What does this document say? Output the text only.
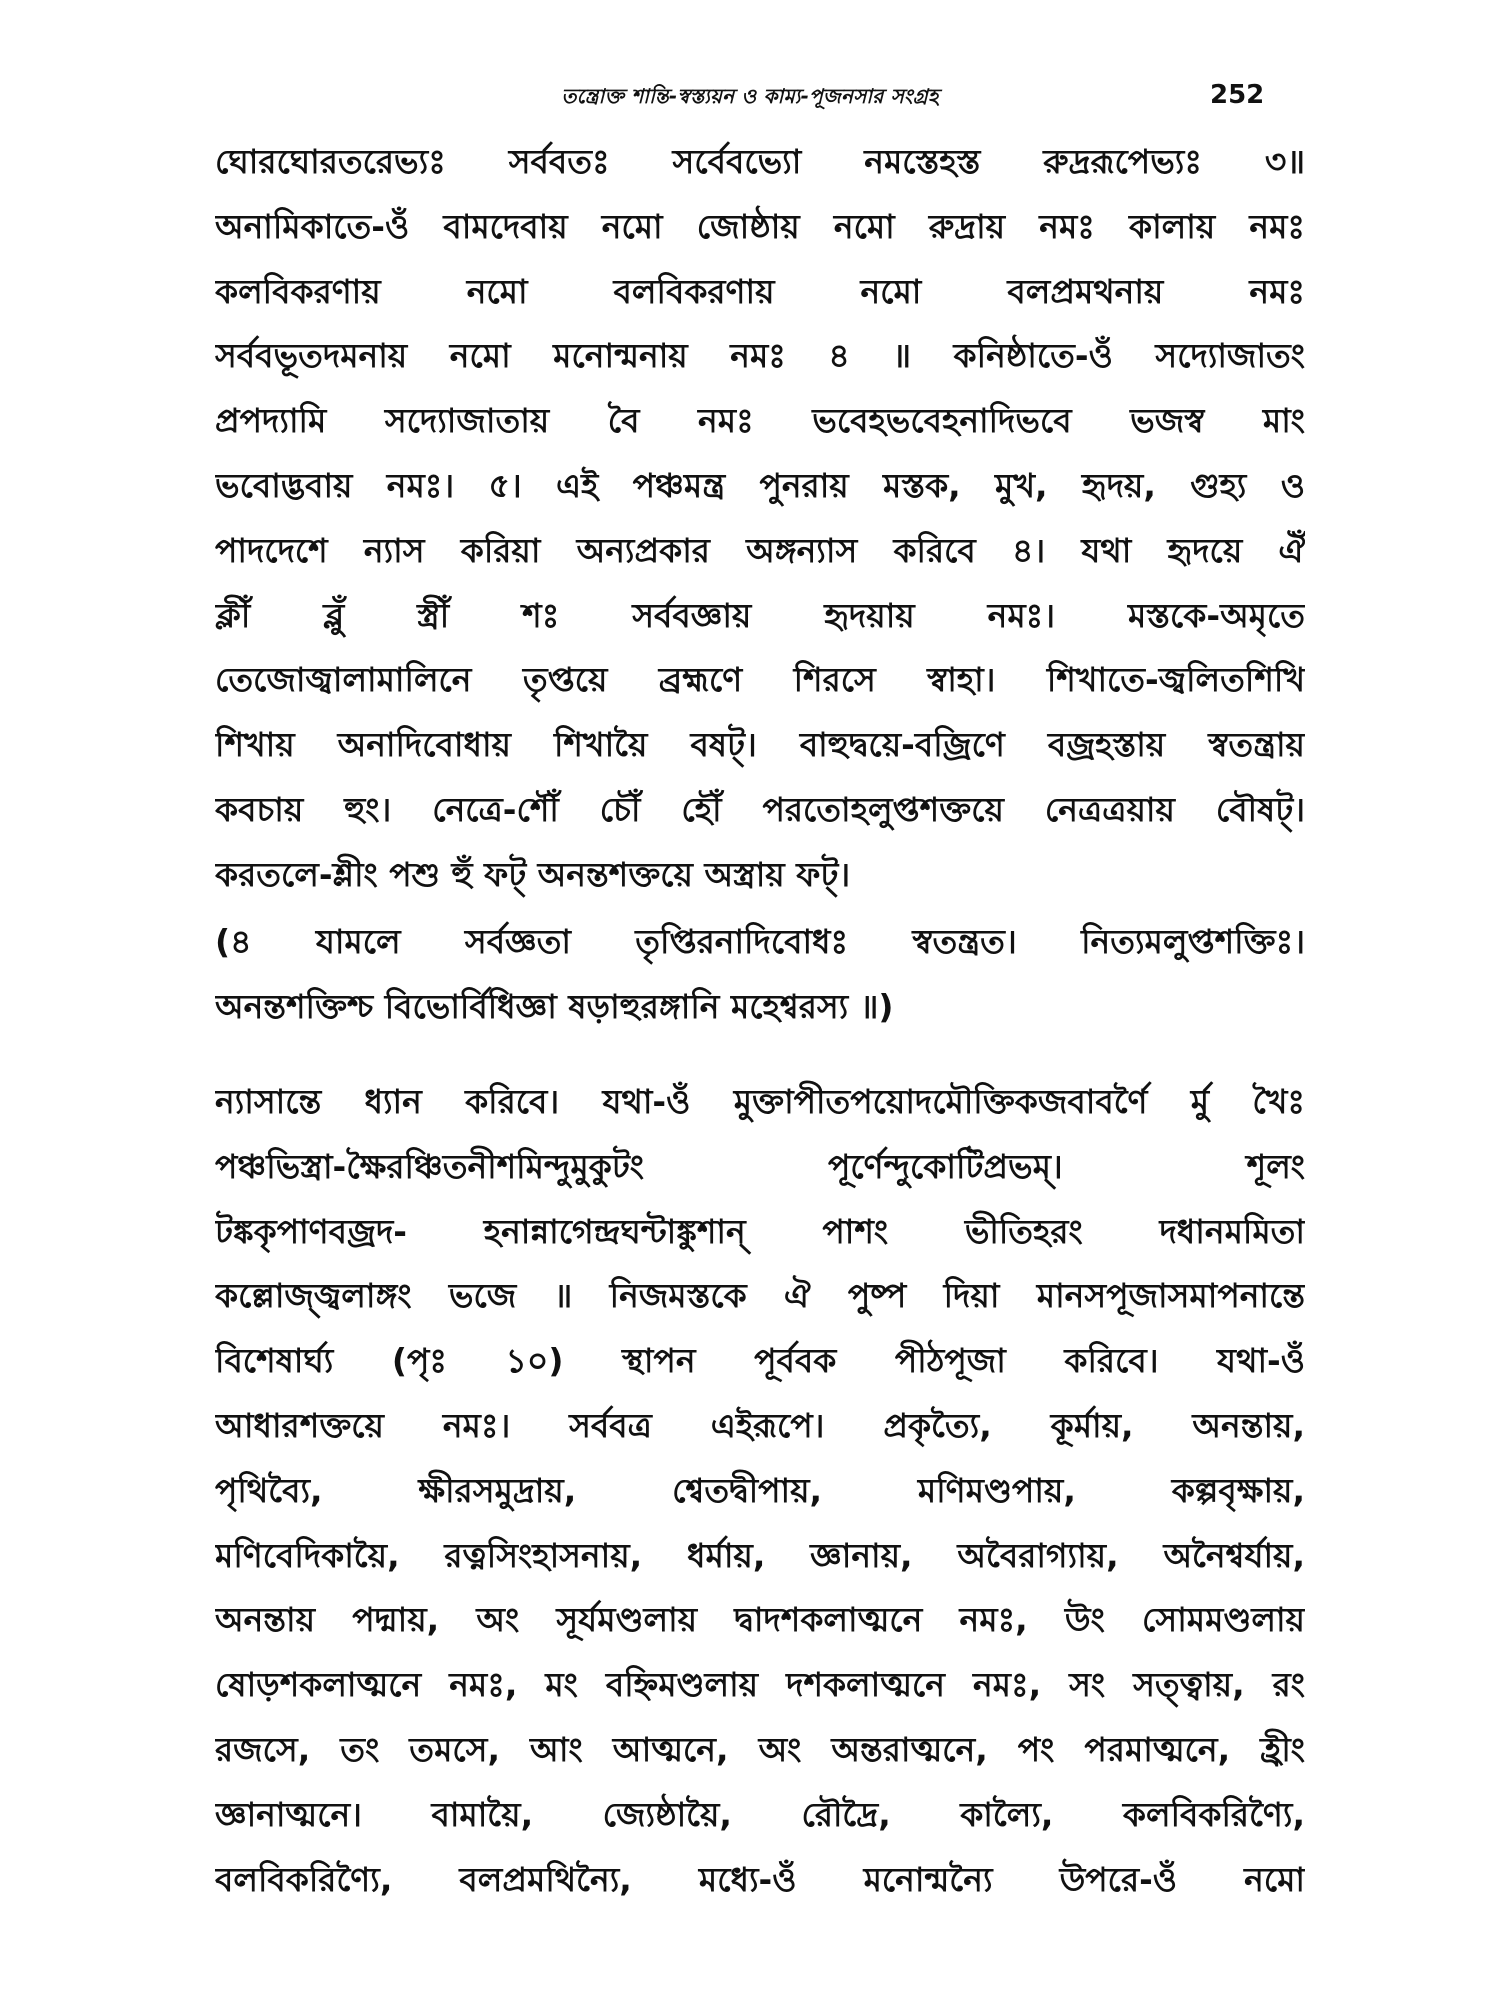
তন্ত্রোক্ত শান্তি-স্বস্ত্যয়ন ও কাম্য-পূজনসার সংগ্রহ	252
ঘোরঘোরতরেভ্যঃ সর্ববতঃ সর্বেবভ্যো নমস্তেহস্ত রুদ্ররূপেভ্যঃ ৩॥
অনামিকাতে-ওঁ বামদেবায় নমো জোষ্ঠায় নমো রুদ্রায় নমঃ কালায় নমঃ
কলবিকরণায় নমো বলবিকরণায় নমো বলপ্রমথনায় নমঃ
সর্ববভূতদমনায় নমো মনোন্মনায় নমঃ ৪ ॥ কনিষ্ঠাতে-ওঁ সদ্যোজাতং
প্রপদ্যামি সদ্যোজাতায় বৈ নমঃ ভবেহভবেহনাদিভবে ভজস্ব মাং
ভবোদ্ভবায় নমঃ। ৫। এই পঞ্চমন্ত্র পুনরায় মস্তক, মুখ, হৃদয়, গুহ্য ও
পাদদেশে ন্যাস করিয়া অন্যপ্রকার অঙ্গন্যাস করিবে ৪। যথা হৃদয়ে ঐঁ
ক্লীঁ ব্লুঁ স্ত্রীঁ শঃ সর্ববজ্ঞায় হৃদয়ায় নমঃ। মস্তকে-অমৃতে
তেজোজ্বালামালিনে তৃপ্তয়ে ব্রহ্মণে শিরসে স্বাহা। শিখাতে-জ্বলিতশিখি
শিখায় অনাদিবোধায় শিখায়ৈ বষট্। বাহুদ্বয়ে-বজ্রিণে বজ্রহস্তায় স্বতন্ত্রায়
কবচায় হুং। নেত্রে-শৌঁ চৌঁ হৌঁ পরতোহলুপ্তশক্তয়ে নেত্রত্রয়ায় বৌষট্।
করতলে-শ্লীং পশু হুঁ ফট্ অনন্তশক্তয়ে অস্ত্রায় ফট্।
(৪ যামলে সর্বজ্ঞতা তৃপ্তিরনাদিবোধঃ স্বতন্ত্রত। নিত্যমলুপ্তশক্তিঃ।
অনন্তশক্তিশ্চ বিভোর্বিধিজ্ঞা ষড়াহুরঙ্গানি মহেশ্বরস্য ॥)
ন্যাসান্তে ধ্যান করিবে। যথা-ওঁ মুক্তাপীতপয়োদমৌক্তিকজবাবর্ণৈ র্মু খৈঃ
পঞ্চভিস্ত্রা-ক্ষৈরঞ্চিতনীশমিন্দুমুকুটং পূর্ণেন্দুকোটিপ্রভম্। শূলং
টঙ্ককৃপাণবজ্রদ- হনান্নাগেন্দ্রঘন্টাঙ্কুশান্ পাশং ভীতিহরং দধানমমিতা
কল্লোজ্জ্বলাঙ্গং ভজে ॥ নিজমস্তকে ঐ পুষ্প দিয়া মানসপূজাসমাপনান্তে
বিশেষার্ঘ্য (পৃঃ ১০) স্থাপন পূর্ববক পীঠপূজা করিবে। যথা-ওঁ
আধারশক্তয়ে নমঃ। সর্ববত্র এইরূপে। প্রকৃত্যৈ, কূর্মায়, অনন্তায়,
পৃথিব্যৈ, ক্ষীরসমুদ্রায়, শ্বেতদ্বীপায়, মণিমণ্ডপায়, কল্পবৃক্ষায়,
মণিবেদিকায়ৈ, রত্নসিংহাসনায়, ধর্মায়, জ্ঞানায়, অবৈরাগ্যায়, অনৈশ্বর্যায়,
অনন্তায় পদ্মায়, অং সূর্যমণ্ডলায় দ্বাদশকলাত্মনে নমঃ, উং সোমমণ্ডলায়
ষোড়শকলাত্মনে নমঃ, মং বহ্নিমণ্ডলায় দশকলাত্মনে নমঃ, সং সত্ত্বায়, রং
রজসে, তং তমসে, আং আত্মনে, অং অন্তরাত্মনে, পং পরমাত্মনে, হ্রীং
জ্ঞানাত্মনে। বামায়ৈ, জ্যেষ্ঠায়ৈ, রৌদ্রৈ, কাল্যৈ, কলবিকরিণ্যৈ,
বলবিকরিণ্যৈ, বলপ্রমথিন্যৈ, মধ্যে-ওঁ মনোন্মন্যৈ উপরে-ওঁ নমো
